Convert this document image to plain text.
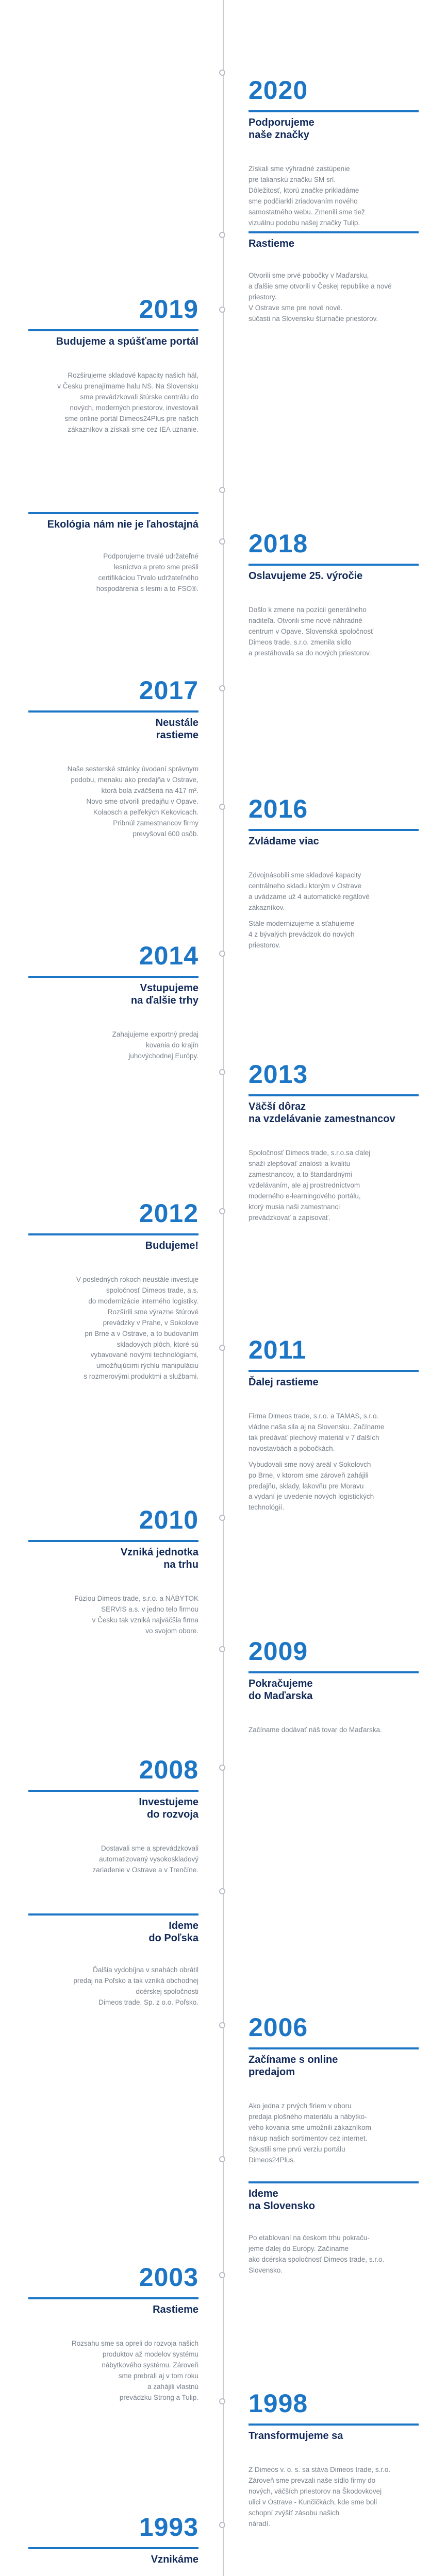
2020
Podporujeme
naše značky

Získali sme výhradné zastúpenie
pre talianskú značku SM srl.
Dôležitosť, ktorú značke prikladáme
sme podčiarkli zriadovaním nového
samostatného webu. Zmenili sme tiež
vizuálnu podobu našej značky Tulip.

Rastieme

Otvorili sme prvé pobočky v Maďarsku,
a ďalšie sme otvorili v Českej republike a nové priestory.
V Ostrave sme pre nové nové.
súčasti na Slovensku štúrnačie priestorov.

2019
Budujeme a spúšťame portál

Rozširujeme skladové kapacity našich hál,
v Česku prenajímame halu NS. Na Slovensku
sme prevádzkovali štúrske centrálu do
nových, moderných priestorov, investovali
sme online portál Dimeos24Plus pre našich
zákazníkov a získali sme cez IEA uznanie.

Ekológia nám nie je ľahostajná

Podporujeme trvalé udržateľné
lesníctvo a preto sme prešli
certifikáciou Trvalo udržateľného
hospodárenia s lesmi a to FSC®.

2018
Oslavujeme 25. výročie

Došlo k zmene na pozícii generálneho
riaditeľa. Otvorili sme nové náhradné
centrum v Opave. Slovenská spoločnosť
Dimeos trade, s.r.o. zmenila sídlo
a prestáhovala sa do nových priestorov.

2017
Neustále
rastieme

Naše sesterské stránky úvodaní správnym
podobu, menaku ako predajňa v Ostrave,
ktorá bola zväčšená na 417 m².
Novo sme otvorili predajňu v Opave.
Kolaosch a pelfekých Kekovicach.
Pribnúl zamestnancov firmy
prevyšoval 600 osôb.

2016
Zvládame viac

Zdvojnásobili sme skladové kapacity
centrálneho skladu ktorým v Ostrave
a uvádzame už 4 automatické regálové
zákazníkov.

Stále modernizujeme a sťahujeme
4 z bývalých prevádzok do nových
priestorov.

2014
Vstupujeme
na ďalšie trhy

Zahajujeme exportný predaj
kovania do krajín
juhovýchodnej Európy.

2013
Väčší dôraz
na vzdelávanie zamestnancov

Spoločnosť Dimeos trade, s.r.o.sa ďalej
snaží zlepšovať znalosti a kvalitu
zamestnancov, a to štandardnými
vzdelávaním, ale aj prostredníctvom
moderného e-learningového portálu,
ktorý musia naši zamestnanci
prevádzkovať a zapisovať.

2012
Budujeme!

V posledných rokoch neustále investuje
spoločnosť Dimeos trade, a.s.
do modernizácie interného logistiky.
Rozšírili sme výrazne štúrové
prevádzky v Prahe, v Sokolove
pri Brne a v Ostrave, a to budovaním
skladových plôch, ktoré sú
vybavované novými technológiami,
umožňujúcimi rýchlu manipuláciu
s rozmerovými produktmi a službami.

2011
Ďalej rastieme

Firma Dimeos trade, s.r.o. a TAMAS, s.r.o.
vládne naša sila aj na Slovensku. Začíname
tak predávať plechový materiál v 7 ďalších
novostavbách a pobočkách.

Vybudovali sme nový areál v Sokolovch
po Brne, v ktorom sme zároveň zahájili
predajňu, sklady, lakovňu pre Moravu
a vydaní je uvedenie nových logistických
technológií.

2010
Vzniká jednotka
na trhu

Fúziou Dimeos trade, s.r.o. a NÁBYTOK
SERVIS a.s. v jedno telo firmou
v Česku tak vzniká najväčšia firma
vo svojom obore.

2009
Pokračujeme
do Maďarska

Začíname dodávať náš tovar do Maďarska.

2008
Investujeme
do rozvoja

Dostavali sme a sprevádzkovali
automatizovaný vysokoskladový
zariadenie v Ostrave a v Trenčíne.

Ideme
do Poľska

Ďalšia vydobíjna v snahách obrátil
predaj na Poľsko a tak vzniká obchodnej
dcérskej spoločnosti
Dimeos trade, Sp. z o.o. Poľsko.

2006
Začíname s online
predajom

Ako jedna z prvých firiem v oboru
predaja plošného materiálu a nábytko-
vého kovania sme umožnili zákazníkom
nákup našich sortimentov cez internet.
Spustili sme prvú verziu portálu
Dimeos24Plus.

Ideme
na Slovensko

Po etablovaní na českom trhu pokraču-
jeme ďalej do Európy. Začíname
ako dcérska spoločnosť Dimeos trade, s.r.o.
Slovensko.

2003
Rastieme

Rozsahu sme sa opreli do rozvoja našich
produktov až modelov systému
nábytkového systému. Zároveň
sme prebrali aj v tom roku
a zahájili vlastnú
prevádzku Strong a Tulip. 1998
Transformujeme sa

Z Dimeos v. o. s. sa stáva Dimeos trade, s.r.o.
Zároveň sme prevzali naše sídlo firmy do
nových, väčších priestorov na Škodovkovej
ulici v Ostrave - Kunčičkách, kde sme boli
schopní zvýšiť zásobu našich
náradí.

1993
Vznikáme
